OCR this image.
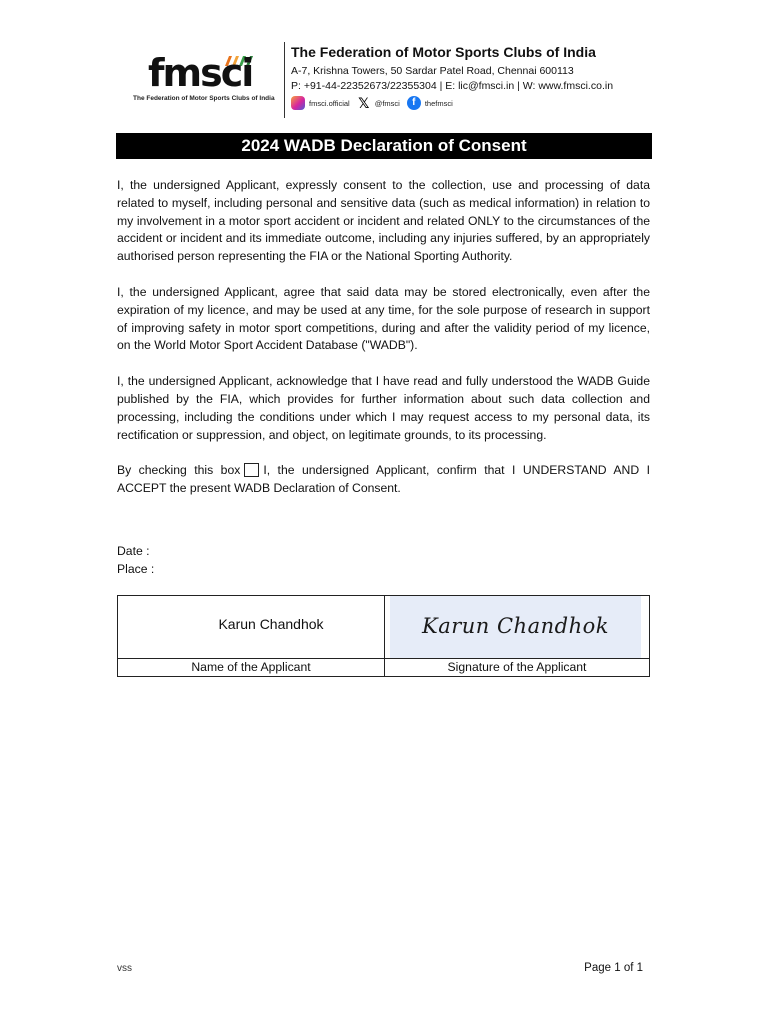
fmsci
The Federation of Motor Sports Clubs of India
The Federation of Motor Sports Clubs of India
A-7, Krishna Towers, 50 Sardar Patel Road, Chennai 600113
P: +91-44-22352673/22355304 | E: lic@fmsci.in | W: www.fmsci.co.in
fmsci.official 𝕏 @fmsci	f	thefmsci
2024 WADB Declaration of Consent

I, the undersigned Applicant, expressly consent to the collection, use and processing of data related to myself, including personal and sensitive data (such as medical information) in relation to my involvement in a motor sport accident or incident and related ONLY to the circumstances of the accident or incident and its immediate outcome, including any injuries suffered, by an appropriately authorised person representing the FIA or the National Sporting Authority.

I, the undersigned Applicant, agree that said data may be stored electronically, even after the expiration of my licence, and may be used at any time, for the sole purpose of research in support of improving safety in motor sport competitions, during and after the validity period of my licence, on the World Motor Sport Accident Database ("WADB").

I, the undersigned Applicant, acknowledge that I have read and fully understood the WADB Guide published by the FIA, which provides for further information about such data collection and processing, including the conditions under which I may request access to my personal data, its rectification or suppression, and object, on legitimate grounds, to its processing.

By checking this box I, the undersigned Applicant, confirm that I UNDERSTAND AND I ACCEPT the present WADB Declaration of Consent.

Date :
Place :
Karun Chandhok	Karun Chandhok
Name of the Applicant	Signature of the Applicant
vss	Page 1 of 1
